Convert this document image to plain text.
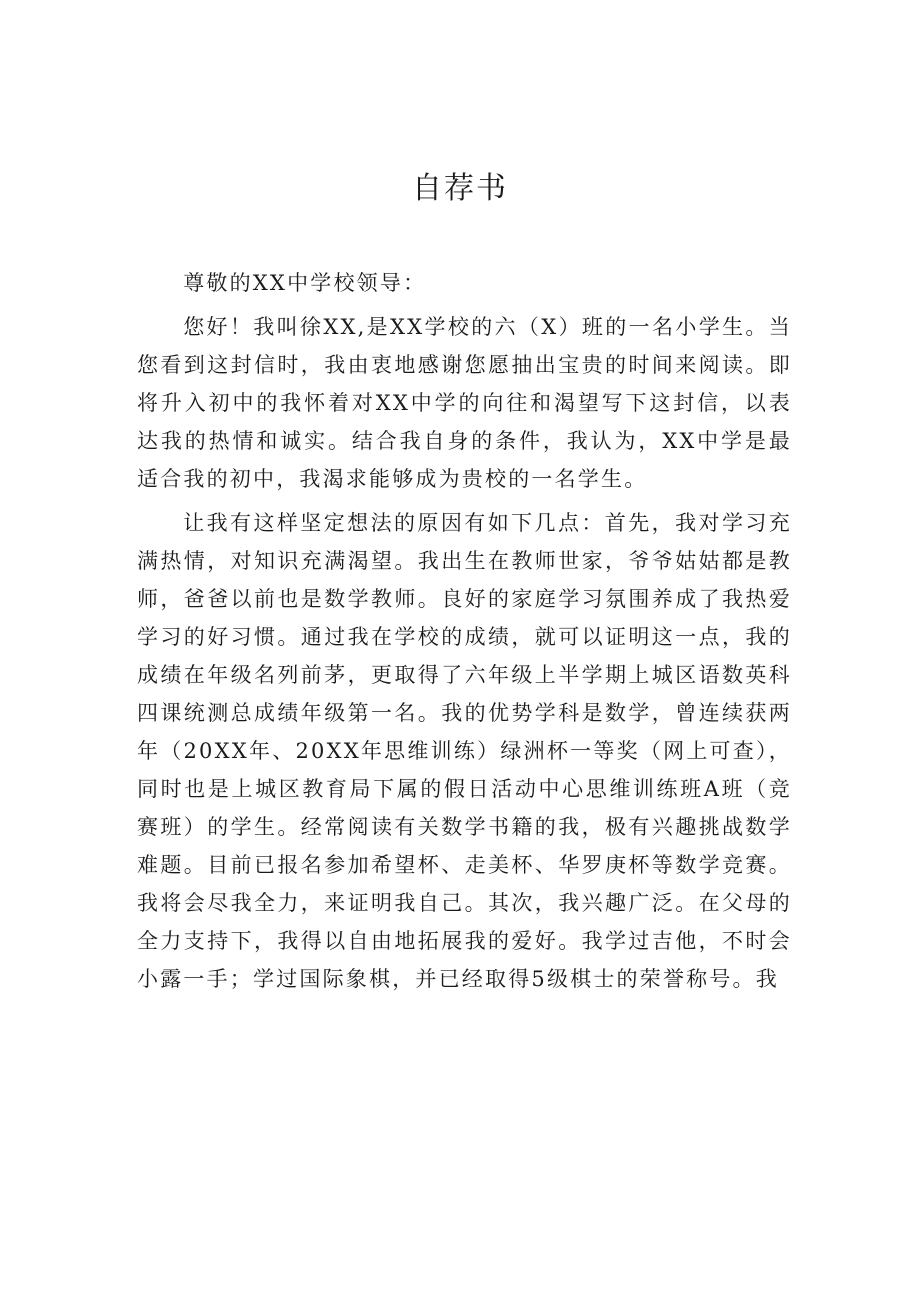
自荐书

尊敬的XX中学校领导：

您好！我叫徐XX,是XX学校的六（X）班的一名小学生。当您看到这封信时，我由衷地感谢您愿抽出宝贵的时间来阅读。即将升入初中的我怀着对XX中学的向往和渴望写下这封信，以表达我的热情和诚实。结合我自身的条件，我认为，XX中学是最适合我的初中，我渴求能够成为贵校的一名学生。

让我有这样坚定想法的原因有如下几点：首先，我对学习充满热情，对知识充满渴望。我出生在教师世家，爷爷姑姑都是教师，爸爸以前也是数学教师。良好的家庭学习氛围养成了我热爱学习的好习惯。通过我在学校的成绩，就可以证明这一点，我的成绩在年级名列前茅，更取得了六年级上半学期上城区语数英科四课统测总成绩年级第一名。我的优势学科是数学，曾连续获两年（20XX年、20XX年思维训练）绿洲杯一等奖（网上可查），同时也是上城区教育局下属的假日活动中心思维训练班A班（竞赛班）的学生。经常阅读有关数学书籍的我，极有兴趣挑战数学难题。目前已报名参加希望杯、走美杯、华罗庚杯等数学竞赛。我将会尽我全力，来证明我自己。其次，我兴趣广泛。在父母的全力支持下，我得以自由地拓展我的爱好。我学过吉他，不时会小露一手；学过国际象棋，并已经取得5级棋士的荣誉称号。我
